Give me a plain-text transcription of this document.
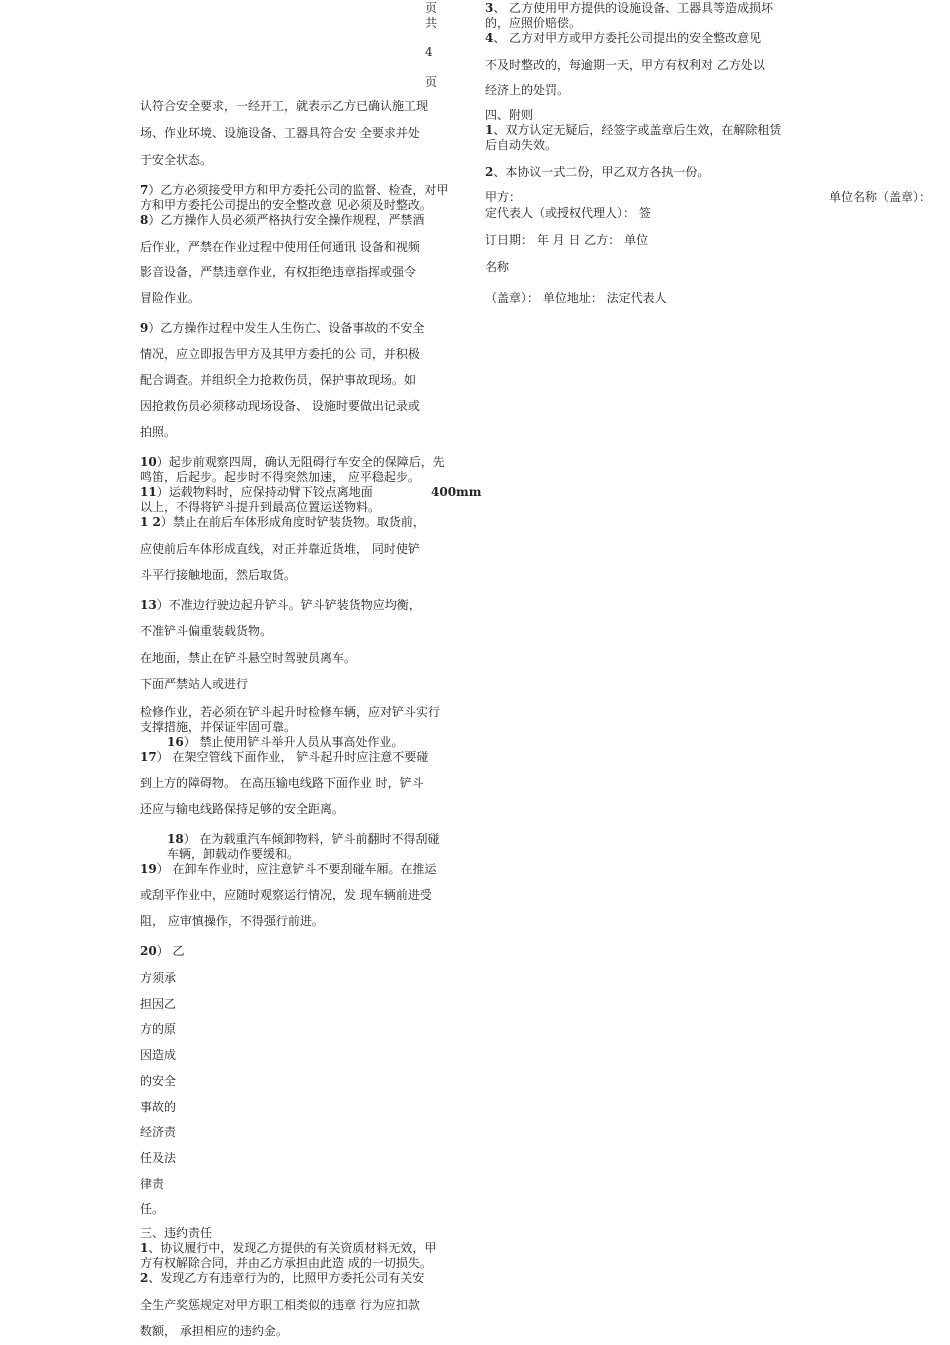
页
共
4
页
认符合安全要求，一经开工，就表示乙方已确认施工现
场、作业环境、设施设备、工器具符合安 全要求并处
于安全状态。
7）乙方必须接受甲方和甲方委托公司的监督、检查，对甲
方和甲方委托公司提出的安全整改意 见必须及时整改。
8）乙方操作人员必须严格执行安全操作规程，严禁酒
后作业，严禁在作业过程中使用任何通讯 设备和视频
影音设备，严禁违章作业，有权拒绝违章指挥或强令
冒险作业。
9）乙方操作过程中发生人生伤亡、设备事故的不安全
情况，应立即报告甲方及其甲方委托的公 司，并积极
配合调查。并组织全力抢救伤员，保护事故现场。如
因抢救伤员必须移动现场设备、 设施时要做出记录或
拍照。
10）起步前观察四周，确认无阻碍行车安全的保障后，先
鸣笛，后起步。起步时不得突然加速， 应平稳起步。
11）运载物料时，应保持动臂下铰点离地面	400mm
以上，不得将铲斗提升到最高位置运送物料。
1 2）禁止在前后车体形成角度时铲装货物。取货前，
应使前后车体形成直线，对正并靠近货堆， 同时使铲
斗平行接触地面，然后取货。
13）不准边行驶边起升铲斗。铲斗铲装货物应均衡，
不准铲斗偏重装载货物。
在地面，禁止在铲斗悬空时驾驶员离车。
下面严禁站人或进行
检修作业，若必须在铲斗起升时检修车辆，应对铲斗实行
支撑措施，并保证牢固可靠。
16） 禁止使用铲斗举升人员从事高处作业。
17） 在架空管线下面作业， 铲斗起升时应注意不要碰
到上方的障碍物。 在高压输电线路下面作业 时，铲斗
还应与输电线路保持足够的安全距离。
18） 在为载重汽车倾卸物料，铲斗前翻时不得刮碰
车辆，卸载动作要缓和。
19） 在卸车作业时，应注意铲斗不要刮碰车厢。在推运
或刮平作业中，应随时观察运行情况，发 现车辆前进受
阻， 应审慎操作，不得强行前进。
20） 乙
方须承
担因乙
方的原
因造成
的安全
事故的
经济责
任及法
律责
任。
三、违约责任
1、协议履行中，发现乙方提供的有关资质材料无效，甲
方有权解除合同，并由乙方承担由此造 成的一切损失。
2、发现乙方有违章行为的，比照甲方委托公司有关安
全生产奖惩规定对甲方职工相类似的违章 行为应扣款
数额， 承担相应的违约金。
3、 乙方使用甲方提供的设施设备、工器具等造成损坏
的，应照价赔偿。
4、 乙方对甲方或甲方委托公司提出的安全整改意见
不及时整改的，每逾期一天，甲方有权利对 乙方处以
经济上的处罚。
四、附则
1、双方认定无疑后，经签字或盖章后生效，在解除租赁
后自动失效。
2、本协议一式二份，甲乙双方各执一份。
甲方：	单位名称（盖章）：
定代表人（或授权代理人）： 签
订日期： 年 月 日 乙方： 单位
名称
（盖章）： 单位地址： 法定代表人
